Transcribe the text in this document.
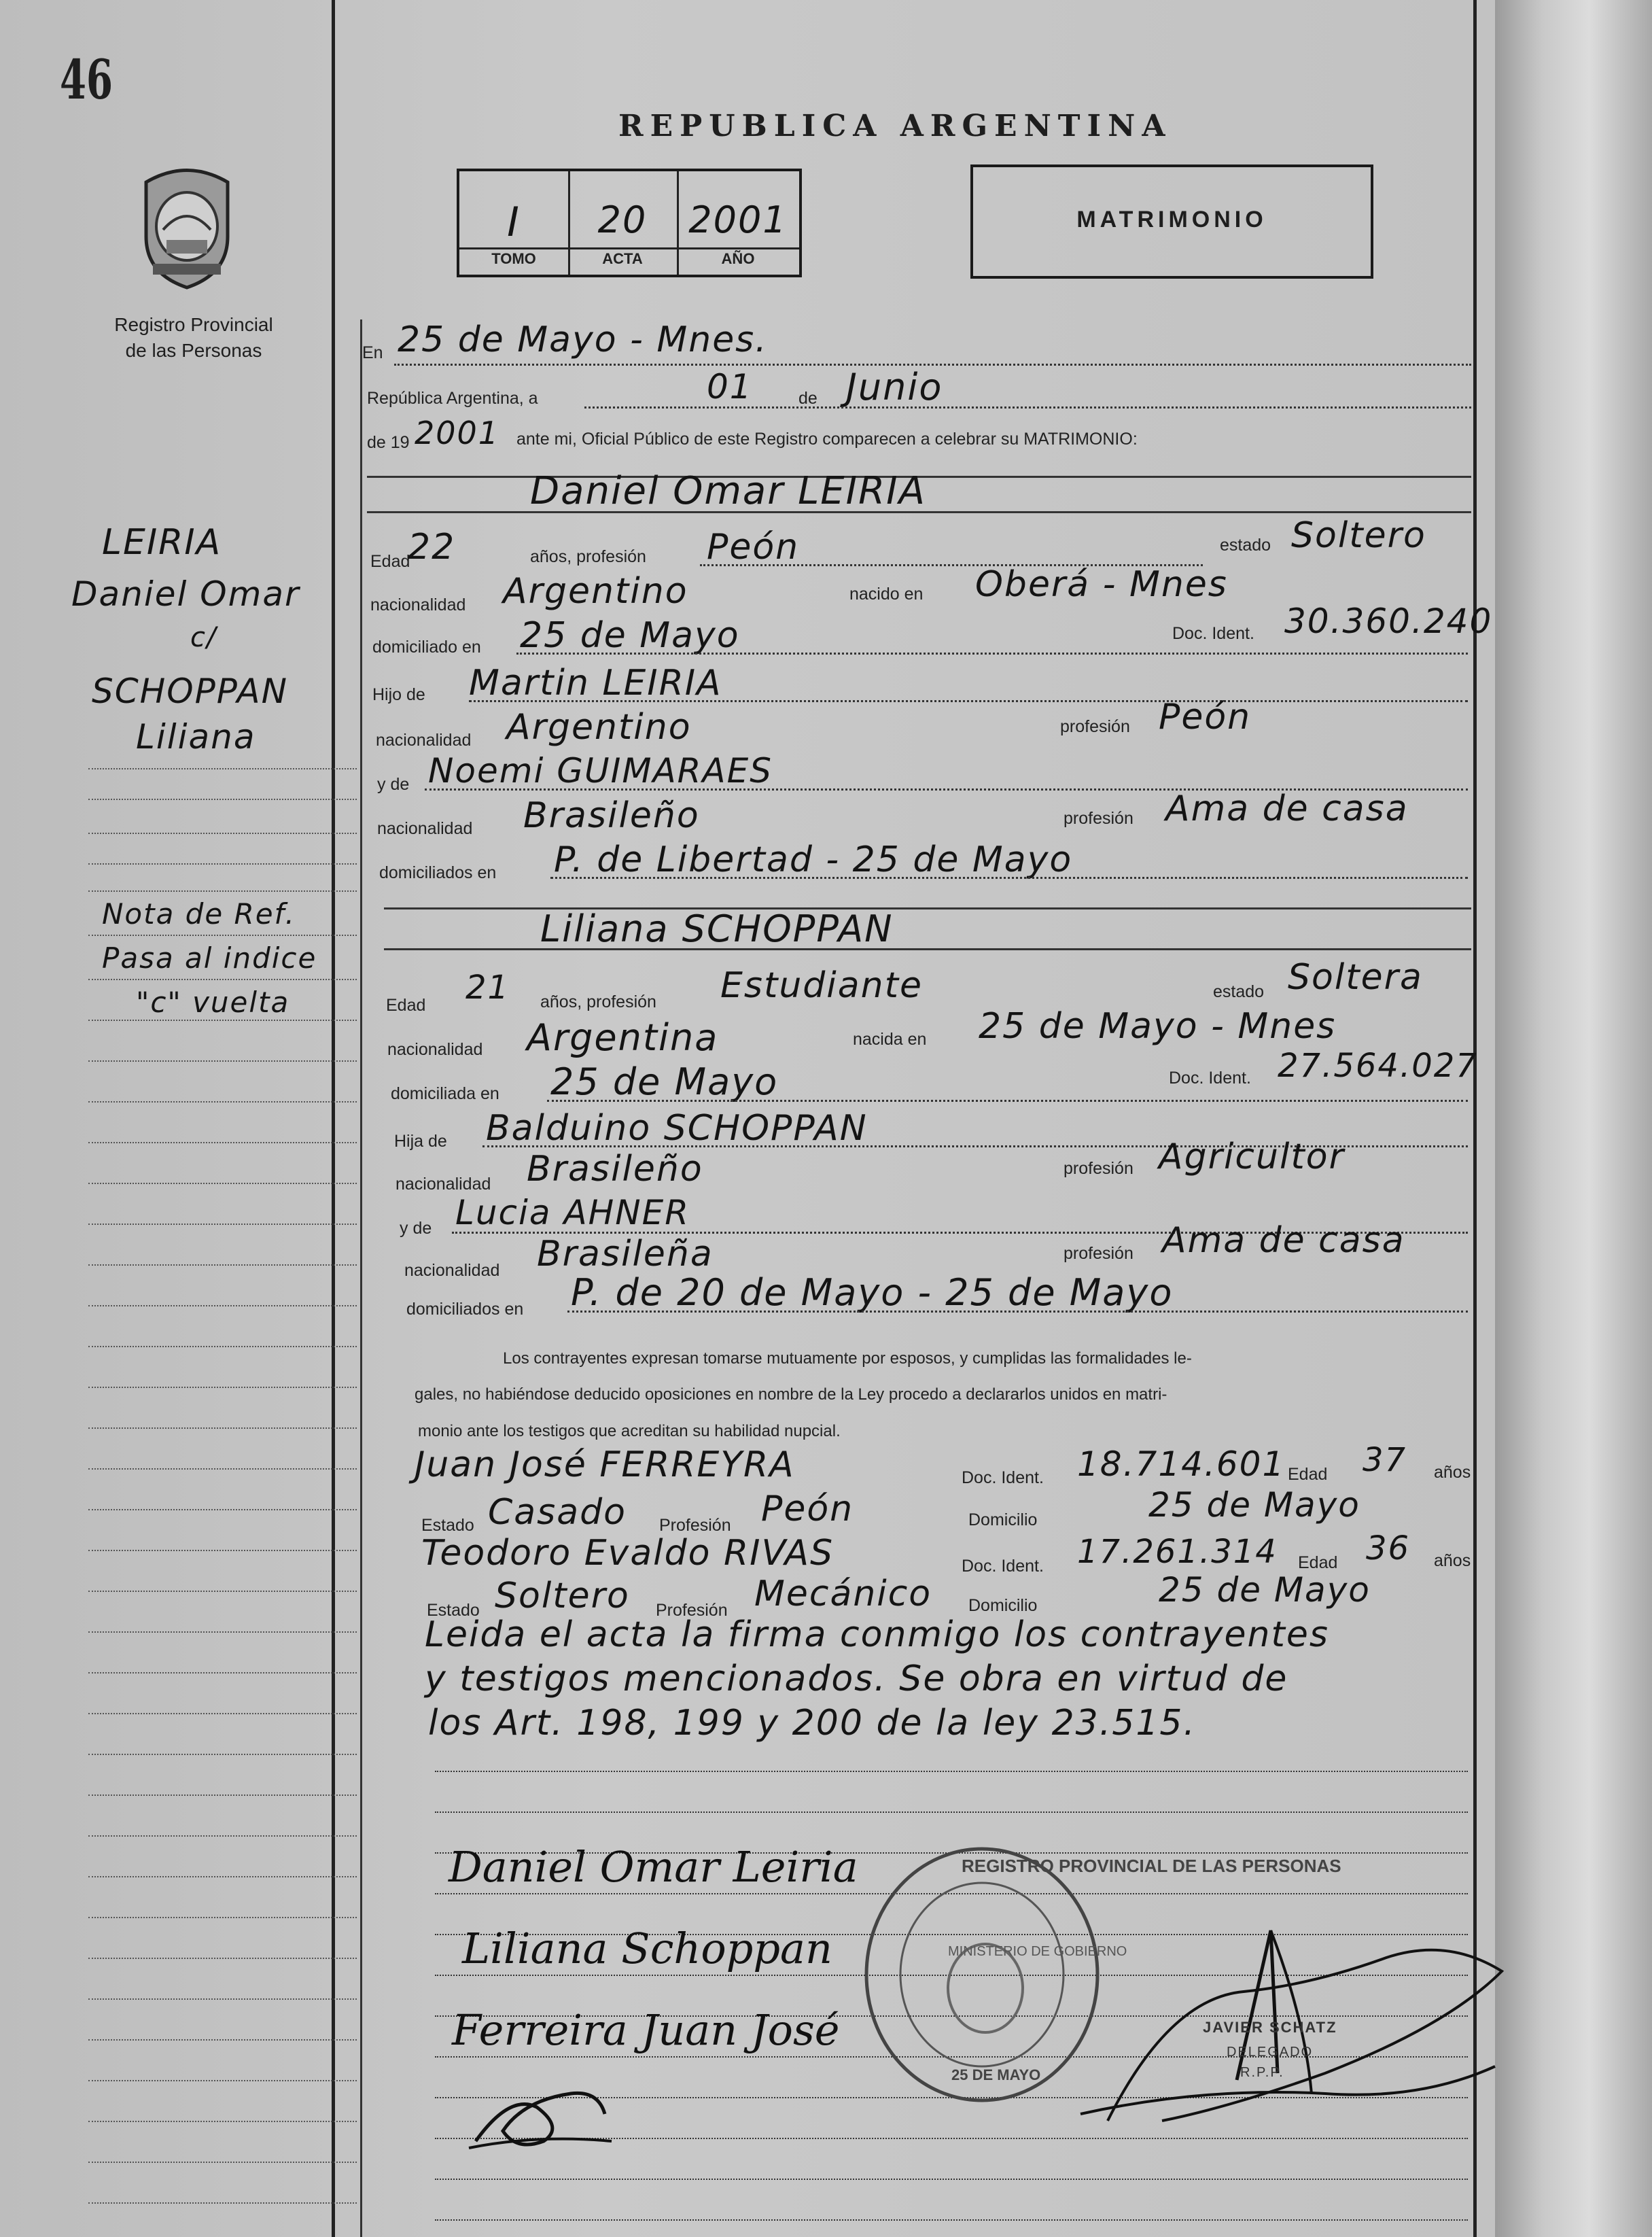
46
Registro Provincial
de las Personas
REPUBLICA ARGENTINA
I	20	2001
TOMO	ACTA	AÑO
MATRIMONIO
LEIRIA
Daniel Omar
c/
SCHOPPAN
Liliana
Nota de Ref.
Pasa al indice
"c" vuelta
En 25 de Mayo - Mnes.
República Argentina, a	01	de Junio
de 19 2001 ante mi, Oficial Público de este Registro comparecen a celebrar su MATRIMONIO:
Daniel Omar LEIRIA
Edad
22	años, profesión Peón	estado Soltero
nacionalidad Argentino	nacido en Oberá - Mnes
domiciliado en 25 de Mayo	Doc. Ident. 30.360.240
Hijo de Martin LEIRIA
nacionalidad Argentino	profesión Peón
y de Noemi GUIMARAES
nacionalidad Brasileño	profesión Ama de casa
domiciliados en P. de Libertad - 25 de Mayo
Liliana SCHOPPAN
Edad 21 años, profesión Estudiante	estado Soltera
nacionalidad Argentina	nacida en 25 de Mayo - Mnes
domiciliada en 25 de Mayo	Doc. Ident. 27.564.027
Hija de Balduino SCHOPPAN
nacionalidad Brasileño	profesión Agricultor
y de Lucia AHNER
nacionalidad Brasileña	profesión Ama de casa
domiciliados en P. de 20 de Mayo - 25 de Mayo
Los contrayentes expresan tomarse mutuamente por esposos, y cumplidas las formalidades le-
gales, no habiéndose deducido oposiciones en nombre de la Ley procedo a declararlos unidos en matri-
monio ante los testigos que acreditan su habilidad nupcial.
Juan José FERREYRA	Doc. Ident. 18.714.601 Edad 37 años
Estado Casado Profesión Peón	Domicilio	25 de Mayo
Teodoro Evaldo RIVAS	Doc. Ident. 17.261.314 Edad 36 años
Estado Soltero Profesión Mecánico Domicilio	25 de Mayo
Leida el acta la firma conmigo los contrayentes
y testigos mencionados. Se obra en virtud de
los Art. 198, 199 y 200 de la ley 23.515.
Daniel Omar Leiria
Liliana Schoppan
Ferreira Juan José
REGISTRO PROVINCIAL DE LAS PERSONAS
MINISTERIO DE GOBIERNO
25 DE MAYO
JAVIER SCHATZ
DELEGADO
R.P.P.
